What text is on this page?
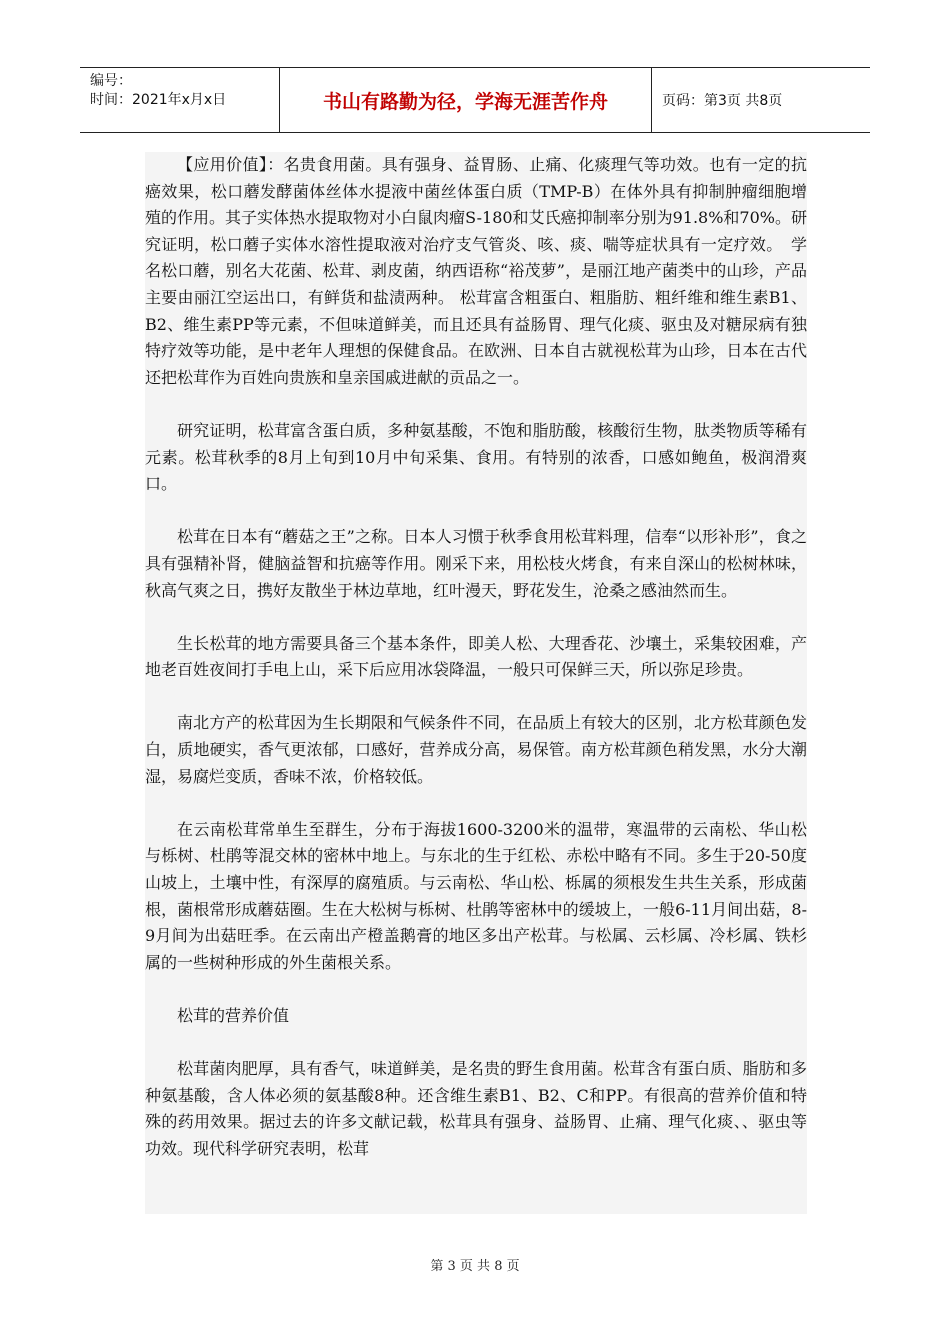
编号：
时间：2021年x月x日	书山有路勤为径，学海无涯苦作舟	页码：第3页 共8页

【应用价值】：名贵食用菌。具有强身、益胃肠、止痛、化痰理气等功效。也有一定的抗癌效果，松口蘑发酵菌体丝体水提液中菌丝体蛋白质（TMP-B）在体外具有抑制肿瘤细胞增殖的作用。其子实体热水提取物对小白鼠肉瘤S-180和艾氏癌抑制率分别为91.8%和70%。研究证明，松口蘑子实体水溶性提取液对治疗支气管炎、咳、痰、喘等症状具有一定疗效。　学名松口蘑，别名大花菌、松茸、剥皮菌，纳西语称“裕茂萝”，是丽江地产菌类中的山珍，产品主要由丽江空运出口，有鲜货和盐渍两种。 松茸富含粗蛋白、粗脂肪、粗纤维和维生素B1、B2、维生素PP等元素，不但味道鲜美，而且还具有益肠胃、理气化痰、驱虫及对糖尿病有独特疗效等功能，是中老年人理想的保健食品。在欧洲、日本自古就视松茸为山珍，日本在古代还把松茸作为百姓向贵族和皇亲国戚进献的贡品之一。

研究证明，松茸富含蛋白质，多种氨基酸，不饱和脂肪酸，核酸衍生物，肽类物质等稀有元素。松茸秋季的8月上旬到10月中旬采集、食用。有特别的浓香，口感如鲍鱼，极润滑爽口。

松茸在日本有“蘑菇之王”之称。日本人习惯于秋季食用松茸料理，信奉“以形补形”，食之具有强精补肾，健脑益智和抗癌等作用。刚采下来，用松枝火烤食，有来自深山的松树林味，秋高气爽之日，携好友散坐于林边草地，红叶漫天，野花发生，沧桑之感油然而生。

生长松茸的地方需要具备三个基本条件，即美人松、大理香花、沙壤土，采集较困难，产地老百姓夜间打手电上山，采下后应用冰袋降温，一般只可保鲜三天，所以弥足珍贵。

南北方产的松茸因为生长期限和气候条件不同，在品质上有较大的区别，北方松茸颜色发白，质地硬实，香气更浓郁，口感好，营养成分高，易保管。南方松茸颜色稍发黑，水分大潮湿，易腐烂变质，香味不浓，价格较低。

在云南松茸常单生至群生，分布于海拔1600-3200米的温带，寒温带的云南松、华山松与栎树、杜鹃等混交林的密林中地上。与东北的生于红松、赤松中略有不同。多生于20-50度山坡上，土壤中性，有深厚的腐殖质。与云南松、华山松、栎属的须根发生共生关系，形成菌根，菌根常形成蘑菇圈。生在大松树与栎树、杜鹃等密林中的缓坡上，一般6-11月间出菇，8-9月间为出菇旺季。在云南出产橙盖鹅膏的地区多出产松茸。与松属、云杉属、冷杉属、铁杉属的一些树种形成的外生菌根关系。

松茸的营养价值

松茸菌肉肥厚，具有香气，味道鲜美，是名贵的野生食用菌。松茸含有蛋白质、脂肪和多种氨基酸，含人体必须的氨基酸8种。还含维生素B1、B2、C和PP。有很高的营养价值和特殊的药用效果。据过去的许多文献记载，松茸具有强身、益肠胃、止痛、理气化痰、、驱虫等功效。现代科学研究表明，松茸

第 3 页 共 8 页
